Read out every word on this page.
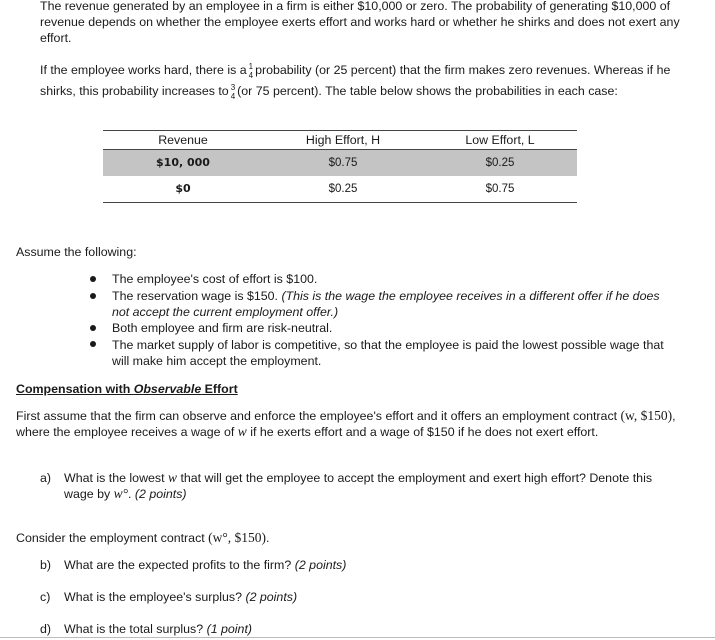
The revenue generated by an employee in a firm is either $10,000 or zero. The probability of generating $10,000 of revenue depends on whether the employee exerts effort and works hard or whether he shirks and does not exert any effort.
If the employee works hard, there is a 1
4 probability (or 25 percent) that the firm makes zero revenues. Whereas if he shirks, this probability increases to 3
4 (or 75 percent). The table below shows the probabilities in each case:
Revenue	High Effort, H	Low Effort, L
$10, 000	$0.75	$0.25
$0	$0.25	$0.75
Assume the following:
The employee's cost of effort is $100.
The reservation wage is $150. (This is the wage the employee receives in a different offer if he does not accept the current employment offer.)
Both employee and firm are risk-neutral.
The market supply of labor is competitive, so that the employee is paid the lowest possible wage that will make him accept the employment.
Compensation with Observable Effort
First assume that the firm can observe and enforce the employee's effort and it offers an employment contract (w, $150), where the employee receives a wage of w if he exerts effort and a wage of $150 if he does not exert effort.
a) What is the lowest w that will get the employee to accept the employment and exert high effort? Denote this wage by w°. (2 points)
Consider the employment contract (w°, $150).
b) What are the expected profits to the firm? (2 points)
c) What is the employee's surplus? (2 points)
d) What is the total surplus? (1 point)
